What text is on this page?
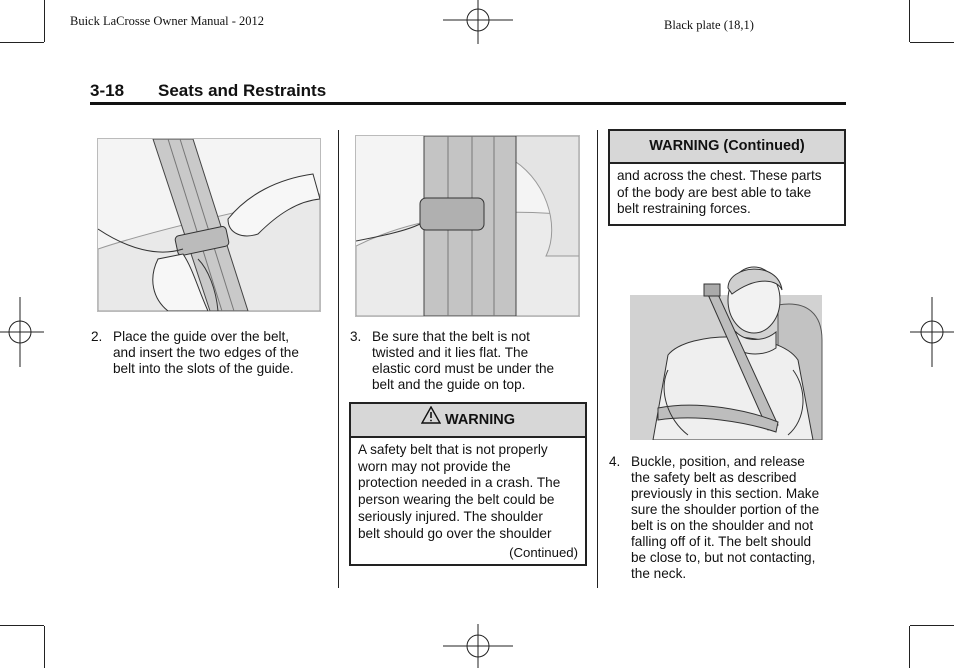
Buick LaCrosse Owner Manual - 2012	Black plate (18,1)
3-18 Seats and Restraints
2. Place the guide over the belt,
and insert the two edges of the
belt into the slots of the guide.
3. Be sure that the belt is not
twisted and it lies flat. The
elastic cord must be under the
belt and the guide on top.
WARNING
A safety belt that is not properly
worn may not provide the
protection needed in a crash. The
person wearing the belt could be
seriously injured. The shoulder
belt should go over the shoulder
(Continued)
WARNING (Continued)
and across the chest. These parts
of the body are best able to take
belt restraining forces.
4. Buckle, position, and release
the safety belt as described
previously in this section. Make
sure the shoulder portion of the
belt is on the shoulder and not
falling off of it. The belt should
be close to, but not contacting,
the neck.
